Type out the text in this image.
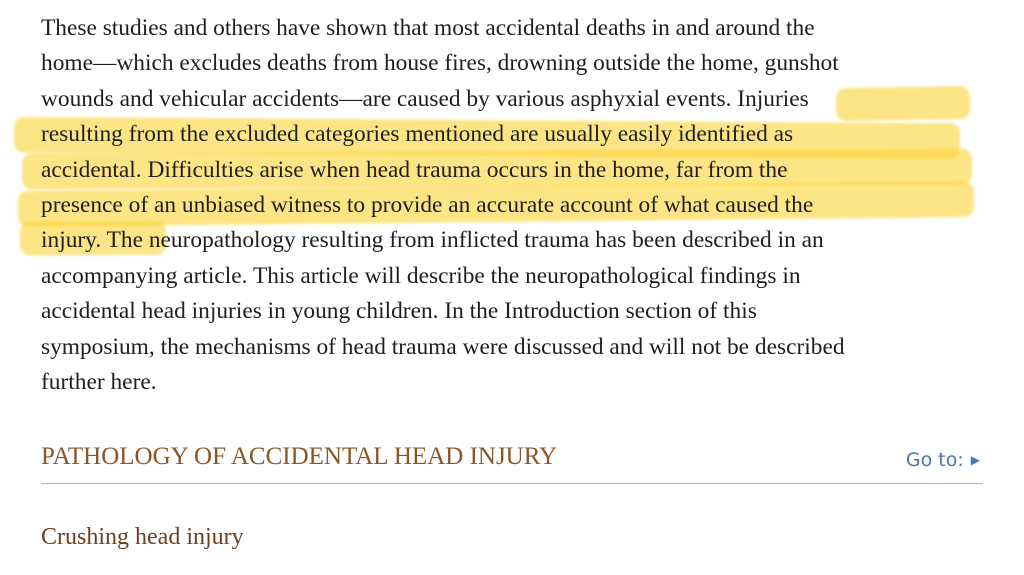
These studies and others have shown that most accidental deaths in and around the
home—which excludes deaths from house fires, drowning outside the home, gunshot
wounds and vehicular accidents—are caused by various asphyxial events. Injuries
resulting from the excluded categories mentioned are usually easily identified as
accidental. Difficulties arise when head trauma occurs in the home, far from the
presence of an unbiased witness to provide an accurate account of what caused the
injury. The neuropathology resulting from inflicted trauma has been described in an
accompanying article. This article will describe the neuropathological findings in
accidental head injuries in young children. In the Introduction section of this
symposium, the mechanisms of head trauma were discussed and will not be described
further here.

PATHOLOGY OF ACCIDENTAL HEAD INJURY	Go to: ▶
Crushing head injury
